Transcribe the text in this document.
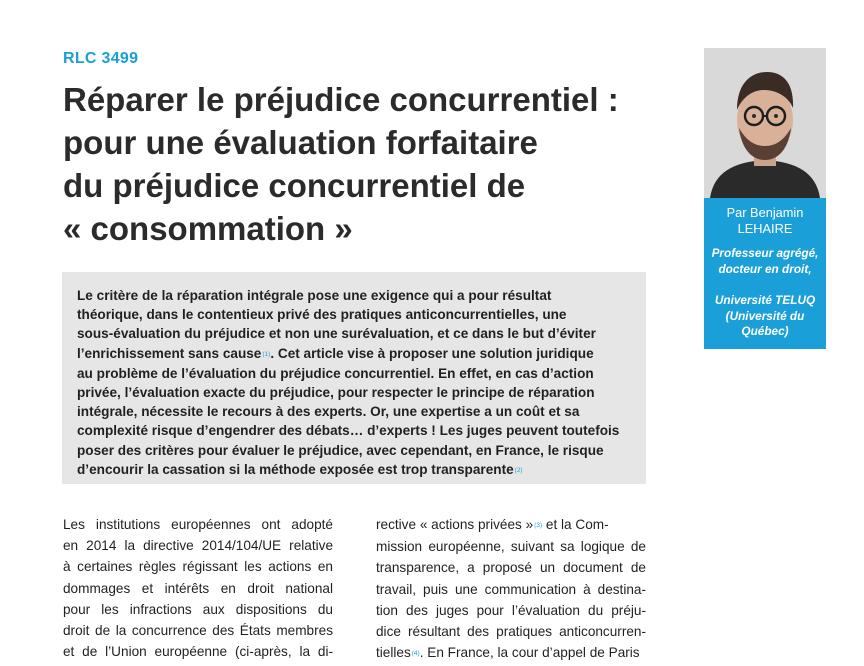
RLC 3499
Réparer le préjudice concurrentiel :
pour une évaluation forfaitaire
du préjudice concurrentiel de
« consommation »
Le critère de la réparation intégrale pose une exigence qui a pour résultat
théorique, dans le contentieux privé des pratiques anticoncurrentielles, une
sous-évaluation du préjudice et non une surévaluation, et ce dans le but d’éviter
l’enrichissement sans cause$^{(1)}$. Cet article vise à proposer une solution juridique
au problème de l’évaluation du préjudice concurrentiel. En effet, en cas d’action
privée, l’évaluation exacte du préjudice, pour respecter le principe de réparation
intégrale, nécessite le recours à des experts. Or, une expertise a un coût et sa
complexité risque d’engendrer des débats… d’experts ! Les juges peuvent toutefois
poser des critères pour évaluer le préjudice, avec cependant, en France, le risque
d’encourir la cassation si la méthode exposée est trop transparente$^{(2)}$
Par Benjamin
LEHAIRE
Professeur agrégé,
docteur en droit,
Université TELUQ
(Université du
Québec)
Les institutions européennes ont adopté
en 2014 la directive 2014/104/UE relative
à certaines règles régissant les actions en
dommages et intérêts en droit national
pour les infractions aux dispositions du
droit de la concurrence des États membres
et de l’Union européenne (ci-après, la di-
rective « actions privées »$^{(3)}$ et la Com-
mission européenne, suivant sa logique de
transparence, a proposé un document de
travail, puis une communication à destina-
tion des juges pour l’évaluation du préju-
dice résultant des pratiques anticoncurren-
tielles$^{(4)}$. En France, la cour d’appel de Paris
